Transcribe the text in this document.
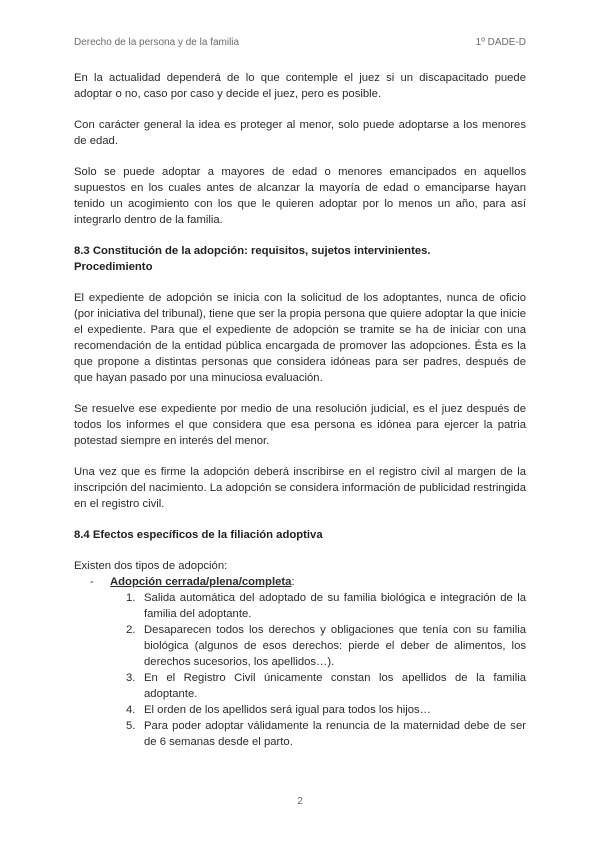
Derecho de la persona y de la familia	1º DADE-D

En la actualidad dependerá de lo que contemple el juez si un discapacitado puede adoptar o no, caso por caso y decide el juez, pero es posible.

Con carácter general la idea es proteger al menor, solo puede adoptarse a los menores de edad.

Solo se puede adoptar a mayores de edad o menores emancipados en aquellos supuestos en los cuales antes de alcanzar la mayoría de edad o emanciparse hayan tenido un acogimiento con los que le quieren adoptar por lo menos un año, para así integrarlo dentro de la familia.

8.3 Constitución de la adopción: requisitos, sujetos intervinientes.
Procedimiento

El expediente de adopción se inicia con la solicitud de los adoptantes, nunca de oficio (por iniciativa del tribunal), tiene que ser la propia persona que quiere adoptar la que inicie el expediente. Para que el expediente de adopción se tramite se ha de iniciar con una recomendación de la entidad pública encargada de promover las adopciones. Ésta es la que propone a distintas personas que considera idóneas para ser padres, después de que hayan pasado por una minuciosa evaluación.

Se resuelve ese expediente por medio de una resolución judicial, es el juez después de todos los informes el que considera que esa persona es idónea para ejercer la patria potestad siempre en interés del menor.

Una vez que es firme la adopción deberá inscribirse en el registro civil al margen de la inscripción del nacimiento. La adopción se considera información de publicidad restringida en el registro civil.

8.4 Efectos específicos de la filiación adoptiva

Existen dos tipos de adopción:

- Adopción cerrada/plena/completa:
1. Salida automática del adoptado de su familia biológica e integración de la familia del adoptante.
2. Desaparecen todos los derechos y obligaciones que tenía con su familia biológica (algunos de esos derechos: pierde el deber de alimentos, los derechos sucesorios, los apellidos…).
3. En el Registro Civil únicamente constan los apellidos de la familia adoptante.
4. El orden de los apellidos será igual para todos los hijos…
5. Para poder adoptar válidamente la renuncia de la maternidad debe de ser de 6 semanas desde el parto.
2
